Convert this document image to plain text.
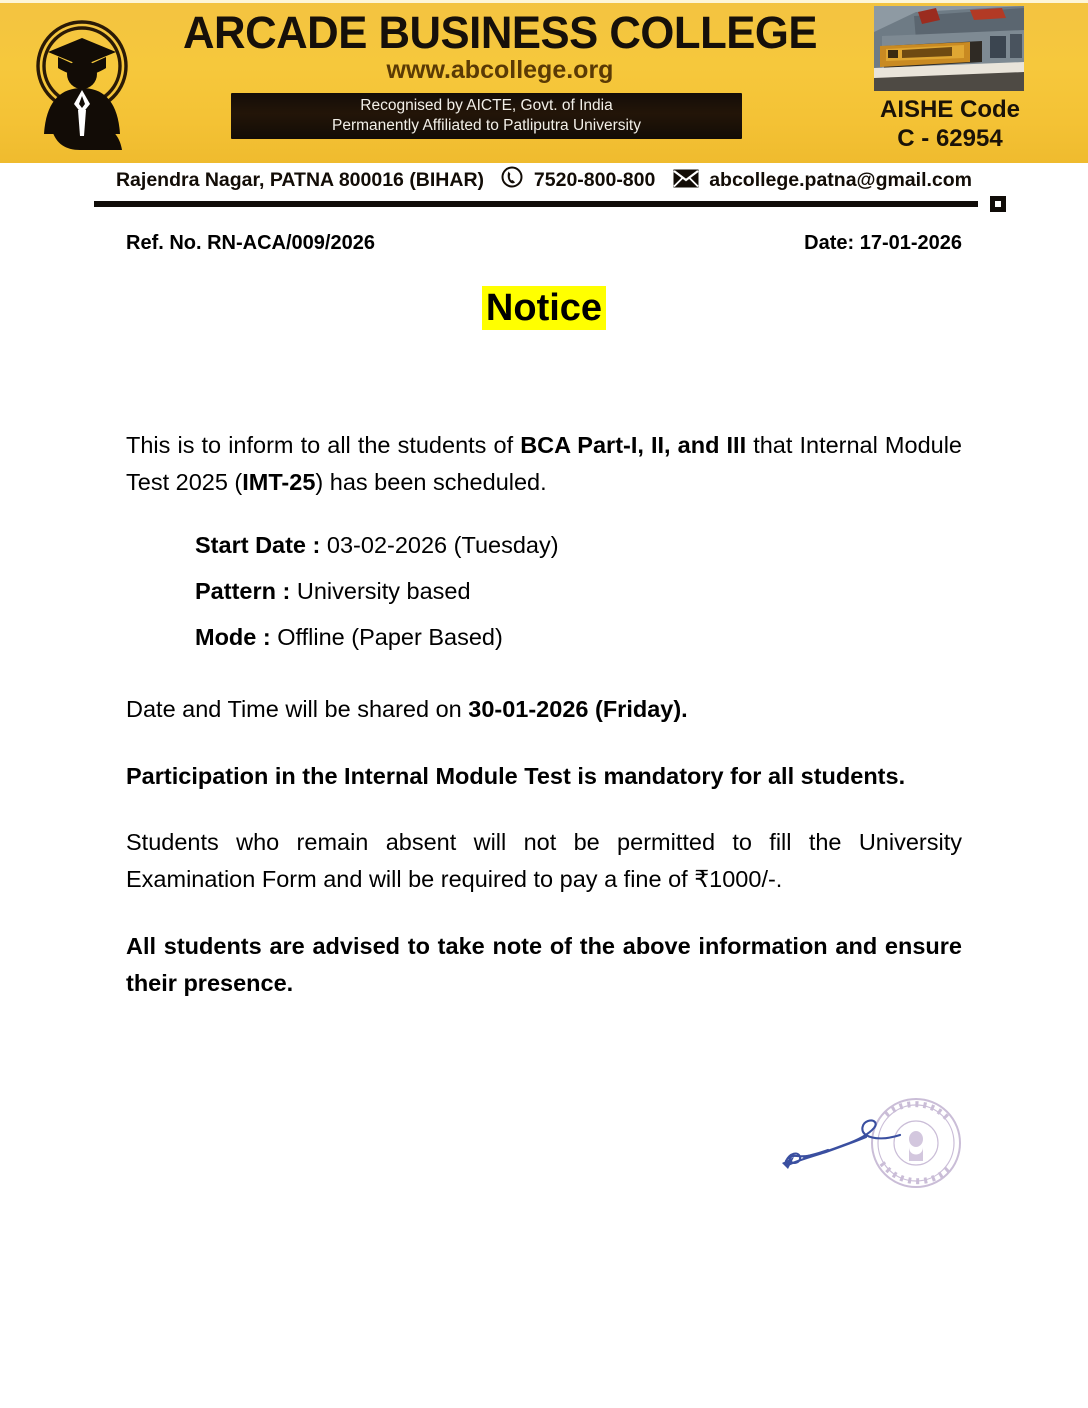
ARCADE BUSINESS COLLEGE
www.abcollege.org
Recognised by AICTE, Govt. of India
Permanently Affiliated to Patliputra University
AISHE Code
C - 62954
Rajendra Nagar, PATNA 800016 (BIHAR)	7520-800-800	abcollege.patna@gmail.com
Ref. No. RN-ACA/009/2026	Date: 17-01-2026
Notice

This is to inform to all the students of BCA Part-I, II, and III that Internal Module Test 2025 (IMT-25) has been scheduled.

Start Date : 03-02-2026 (Tuesday)
Pattern : University based
Mode : Offline (Paper Based)

Date and Time will be shared on 30-01-2026 (Friday).

Participation in the Internal Module Test is mandatory for all students.

Students who remain absent will not be permitted to fill the University Examination Form and will be required to pay a fine of ₹1000/-.

All students are advised to take note of the above information and ensure their presence.
